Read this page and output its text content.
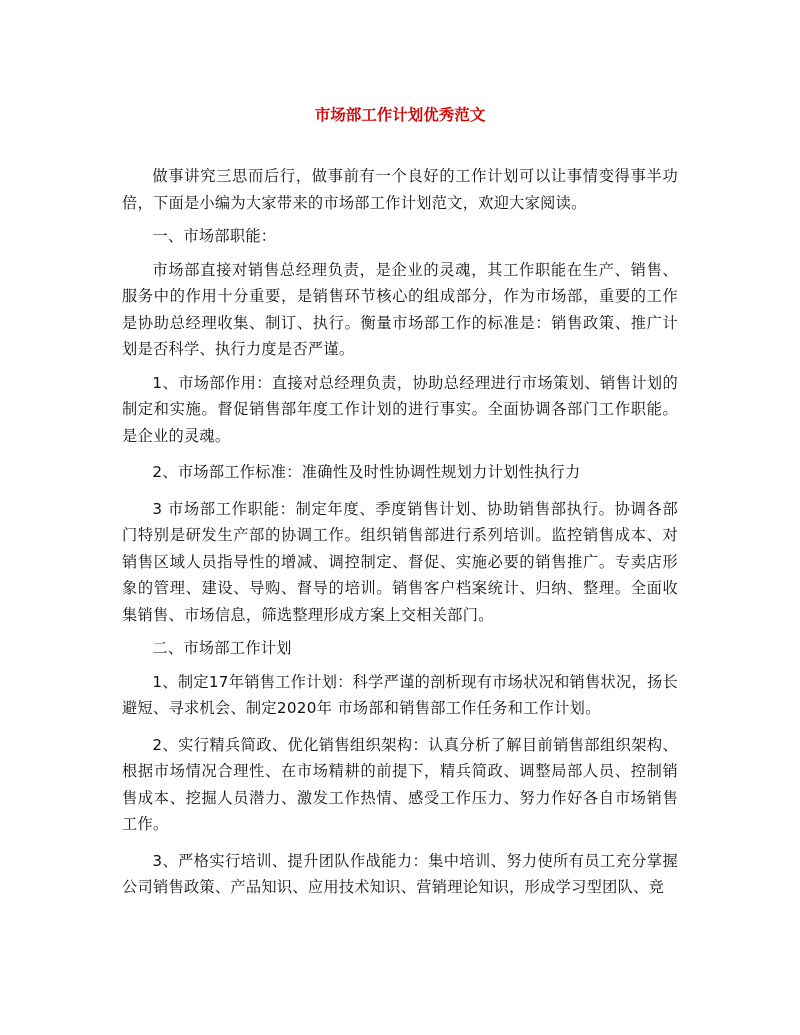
市场部工作计划优秀范文

做事讲究三思而后行，做事前有一个良好的工作计划可以让事情变得事半功倍，下面是小编为大家带来的市场部工作计划范文，欢迎大家阅读。

一、市场部职能：

市场部直接对销售总经理负责，是企业的灵魂，其工作职能在生产、销售、服务中的作用十分重要，是销售环节核心的组成部分，作为市场部，重要的工作是协助总经理收集、制订、执行。衡量市场部工作的标准是：销售政策、推广计划是否科学、执行力度是否严谨。

1、市场部作用：直接对总经理负责，协助总经理进行市场策划、销售计划的制定和实施。督促销售部年度工作计划的进行事实。全面协调各部门工作职能。是企业的灵魂。

2、市场部工作标准：准确性及时性协调性规划力计划性执行力

3 市场部工作职能：制定年度、季度销售计划、协助销售部执行。协调各部门特别是研发生产部的协调工作。组织销售部进行系列培训。监控销售成本、对销售区域人员指导性的增减、调控制定、督促、实施必要的销售推广。专卖店形象的管理、建设、导购、督导的培训。销售客户档案统计、归纳、整理。全面收集销售、市场信息，筛选整理形成方案上交相关部门。

二、市场部工作计划

1、制定17年销售工作计划：科学严谨的剖析现有市场状况和销售状况，扬长避短、寻求机会、制定2020年 市场部和销售部工作任务和工作计划。

2、实行精兵简政、优化销售组织架构：认真分析了解目前销售部组织架构、根据市场情况合理性、在市场精耕的前提下，精兵简政、调整局部人员、控制销售成本、挖掘人员潜力、激发工作热情、感受工作压力、努力作好各自市场销售工作。

3、严格实行培训、提升团队作战能力：集中培训、努力使所有员工充分掌握公司销售政策、产品知识、应用技术知识、营销理论知识，形成学习型团队、竞
